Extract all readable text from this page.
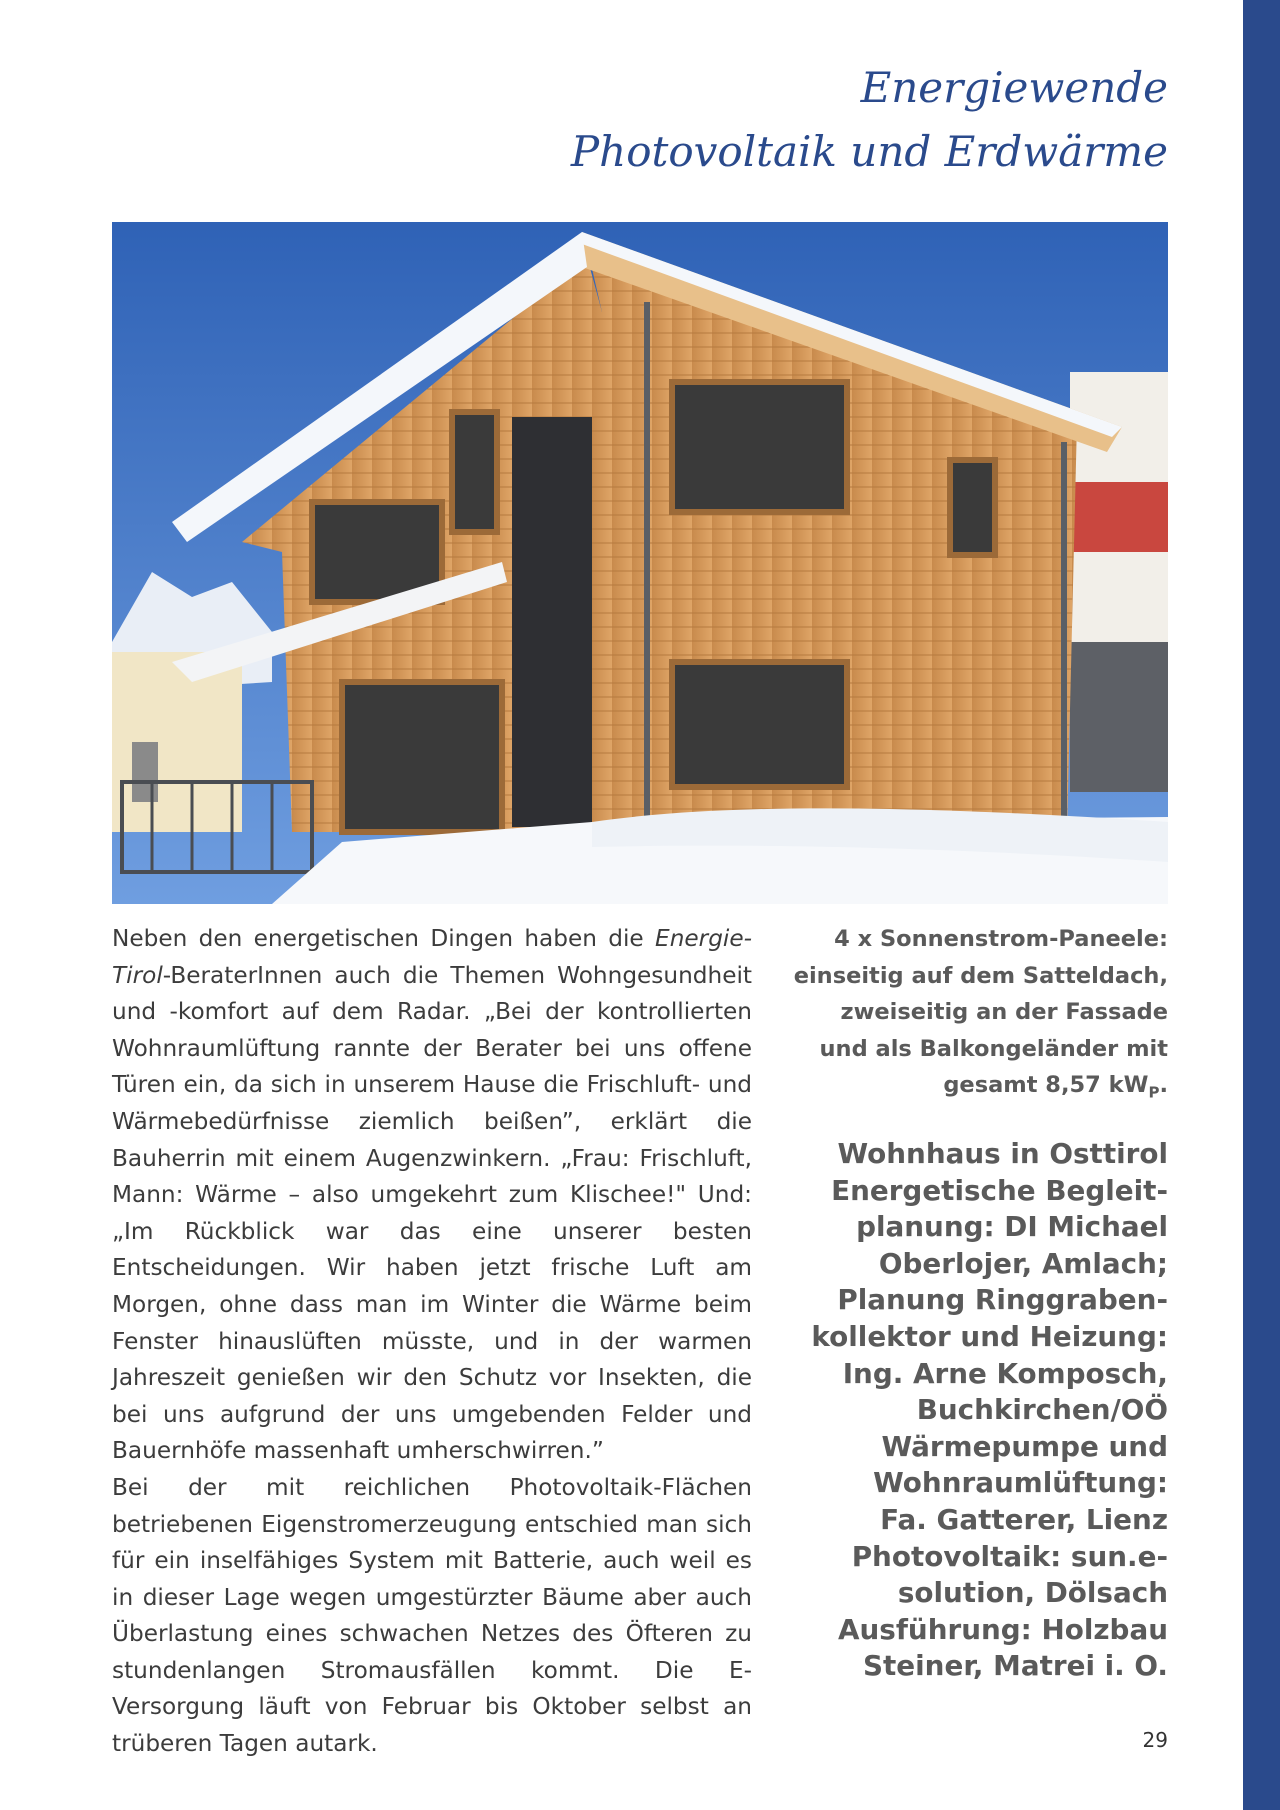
Energiewende
Photovoltaik und Erdwärme

Neben den energetischen Dingen haben die Energie-Tirol-BeraterInnen auch die Themen Wohngesundheit und -komfort auf dem Radar. „Bei der kontrollierten Wohnraumlüftung rannte der Berater bei uns offene Türen ein, da sich in unserem Hause die Frischluft- und Wärmebedürfnisse ziemlich beißen”, erklärt die Bauherrin mit einem Augenzwinkern. „Frau: Frischluft, Mann: Wärme – also umgekehrt zum Klischee!" Und: „Im Rückblick war das eine unserer besten Entscheidungen. Wir haben jetzt frische Luft am Morgen, ohne dass man im Winter die Wärme beim Fenster hinauslüften müsste, und in der warmen Jahreszeit genießen wir den Schutz vor Insekten, die bei uns aufgrund der uns umgebenden Felder und Bauernhöfe massenhaft umherschwirren.”

Bei der mit reichlichen Photovoltaik-Flächen betriebenen Eigenstromerzeugung entschied man sich für ein inselfähiges System mit Batterie, auch weil es in dieser Lage wegen umgestürzter Bäume aber auch Überlastung eines schwachen Netzes des Öfteren zu stundenlangen Stromausfällen kommt. Die E-Versorgung läuft von Februar bis Oktober selbst an trüberen Tagen autark.

4 x Sonnenstrom-Paneele: einseitig auf dem Satteldach, zweiseitig an der Fassade und als Balkongeländer mit gesamt 8,57 $kW_P$.
Wohnhaus in Osttirol
Energetische Begleit-
planung: DI Michael
Oberlojer, Amlach;
Planung Ringgraben-
kollektor und Heizung:
Ing. Arne Komposch,
Buchkirchen/OÖ
Wärmepumpe und
Wohnraumlüftung:
Fa. Gatterer, Lienz
Photovoltaik: sun.e-
solution, Dölsach
Ausführung: Holzbau
Steiner, Matrei i. O.
29
